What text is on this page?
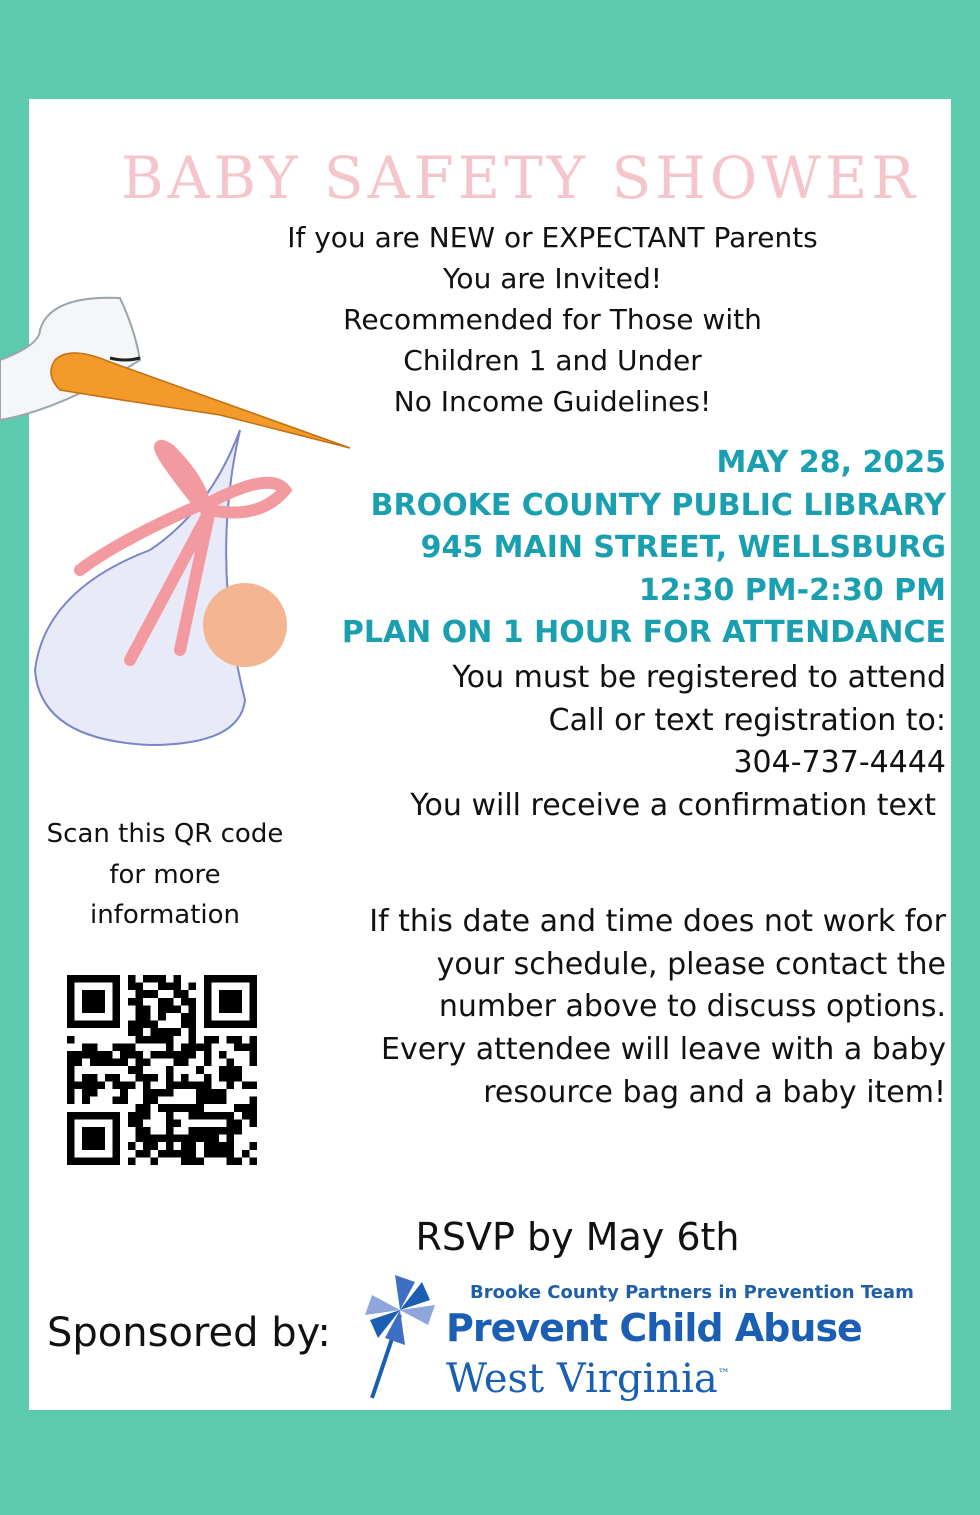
BABY SAFETY SHOWER
If you are NEW or EXPECTANT Parents
You are Invited!
Recommended for Those with
Children 1 and Under
No Income Guidelines!
MAY 28, 2025
BROOKE COUNTY PUBLIC LIBRARY
945 MAIN STREET, WELLSBURG
12:30 PM-2:30 PM
PLAN ON 1 HOUR FOR ATTENDANCE
You must be registered to attend
Call or text registration to:
304-737-4444
You will receive a confirmation text
Scan this QR code
for more
information	If this date and time does not work for
your schedule, please contact the
number above to discuss options.
Every attendee will leave with a baby
resource bag and a baby item!
RSVP by May 6th
Sponsored by:
Brooke County Partners in Prevention Team
Prevent Child Abuse
West Virginia™
